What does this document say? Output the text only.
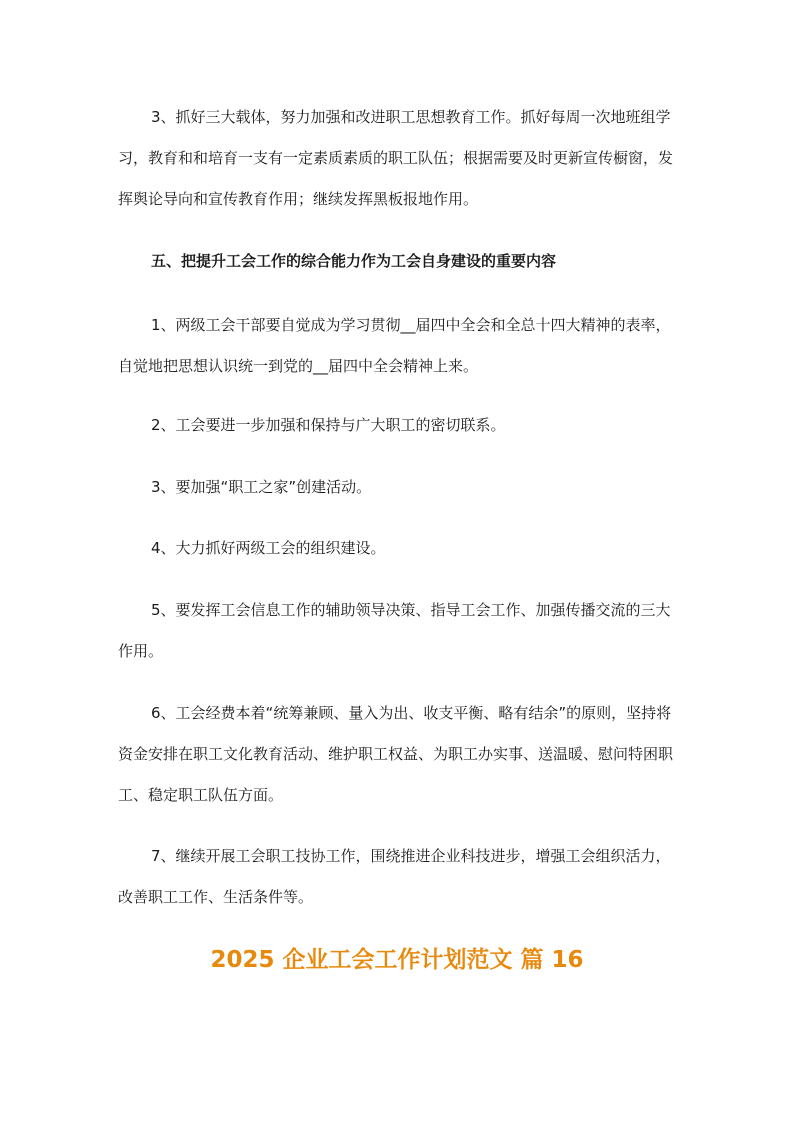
3、抓好三大载体，努力加强和改进职工思想教育工作。抓好每周一次地班组学习，教育和和培育一支有一定素质素质的职工队伍；根据需要及时更新宣传橱窗，发挥舆论导向和宣传教育作用；继续发挥黑板报地作用。

五、把提升工会工作的综合能力作为工会自身建设的重要内容

1、两级工会干部要自觉成为学习贯彻__届四中全会和全总十四大精神的表率，自觉地把思想认识统一到党的__届四中全会精神上来。

2、工会要进一步加强和保持与广大职工的密切联系。

3、要加强“职工之家”创建活动。

4、大力抓好两级工会的组织建设。

5、要发挥工会信息工作的辅助领导决策、指导工会工作、加强传播交流的三大作用。

6、工会经费本着“统筹兼顾、量入为出、收支平衡、略有结余”的原则，坚持将资金安排在职工文化教育活动、维护职工权益、为职工办实事、送温暖、慰问特困职工、稳定职工队伍方面。

7、继续开展工会职工技协工作，围绕推进企业科技进步，增强工会组织活力，改善职工工作、生活条件等。

2025 企业工会工作计划范文 篇 16
